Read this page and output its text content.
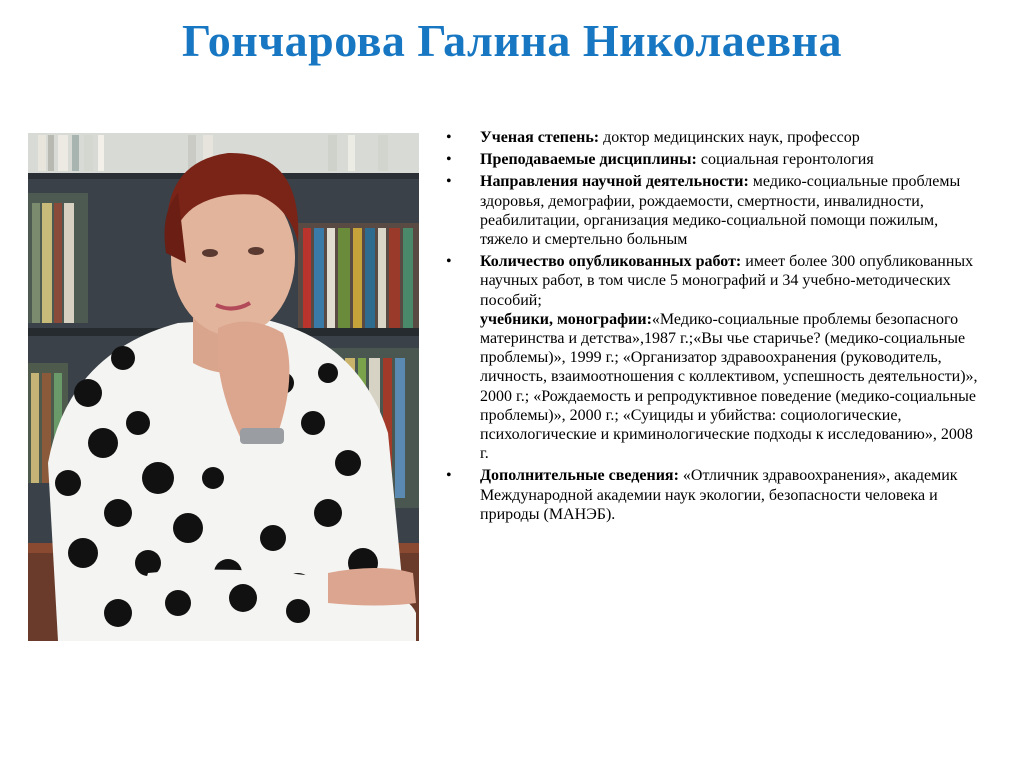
Гончарова Галина Николаевна
• Ученая степень: доктор медицинских наук, профессор
• Преподаваемые дисциплины: социальная геронтология
• Направления научной деятельности: медико-социальные проблемы здоровья, демографии, рождаемости, смертности, инвалидности, реабилитации, организация медико-социальной помощи пожилым, тяжело и смертельно больным
• Количество опубликованных работ: имеет более 300 опубликованных научных работ, в том числе 5 монографий и 34 учебно-методических пособий;
учебники, монографии:«Медико-социальные проблемы безопасного материнства и детства»,1987 г.;«Вы чье старичье? (медико-социальные проблемы)», 1999 г.; «Организатор здравоохранения (руководитель, личность, взаимоотношения с коллективом, успешность деятельности)», 2000 г.; «Рождаемость и репродуктивное поведение (медико-социальные проблемы)», 2000 г.; «Суициды и убийства: социологические, психологические и криминологические подходы к исследованию», 2008 г.
• Дополнительные сведения: «Отличник здравоохранения», академик Международной академии наук экологии, безопасности человека и природы (МАНЭБ).
